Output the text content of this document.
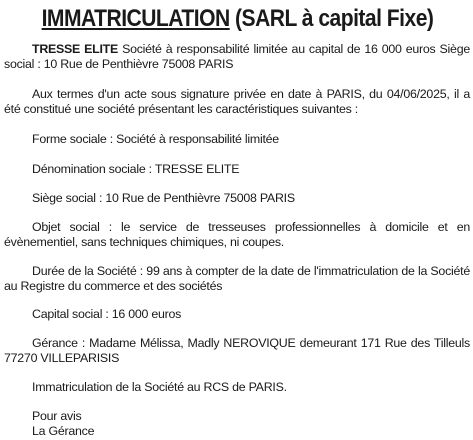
IMMATRICULATION (SARL à capital Fixe)

TRESSE ELITE Société à responsabilité limitée au capital de 16 000 euros Siège social : 10 Rue de Penthièvre 75008 PARIS

Aux termes d'un acte sous signature privée en date à PARIS, du 04/06/2025, il a été constitué une société présentant les caractéristiques suivantes :

Forme sociale : Société à responsabilité limitée

Dénomination sociale : TRESSE ELITE

Siège social : 10 Rue de Penthièvre 75008 PARIS

Objet social : le service de tresseuses professionnelles à domicile et en évènementiel, sans techniques chimiques, ni coupes.

Durée de la Société : 99 ans à compter de la date de l'immatriculation de la Société au Registre du commerce et des sociétés

Capital social : 16 000 euros

Gérance : Madame Mélissa, Madly NEROVIQUE demeurant 171 Rue des Tilleuls 77270 VILLEPARISIS

Immatriculation de la Société au RCS de PARIS.

Pour avis
La Gérance
